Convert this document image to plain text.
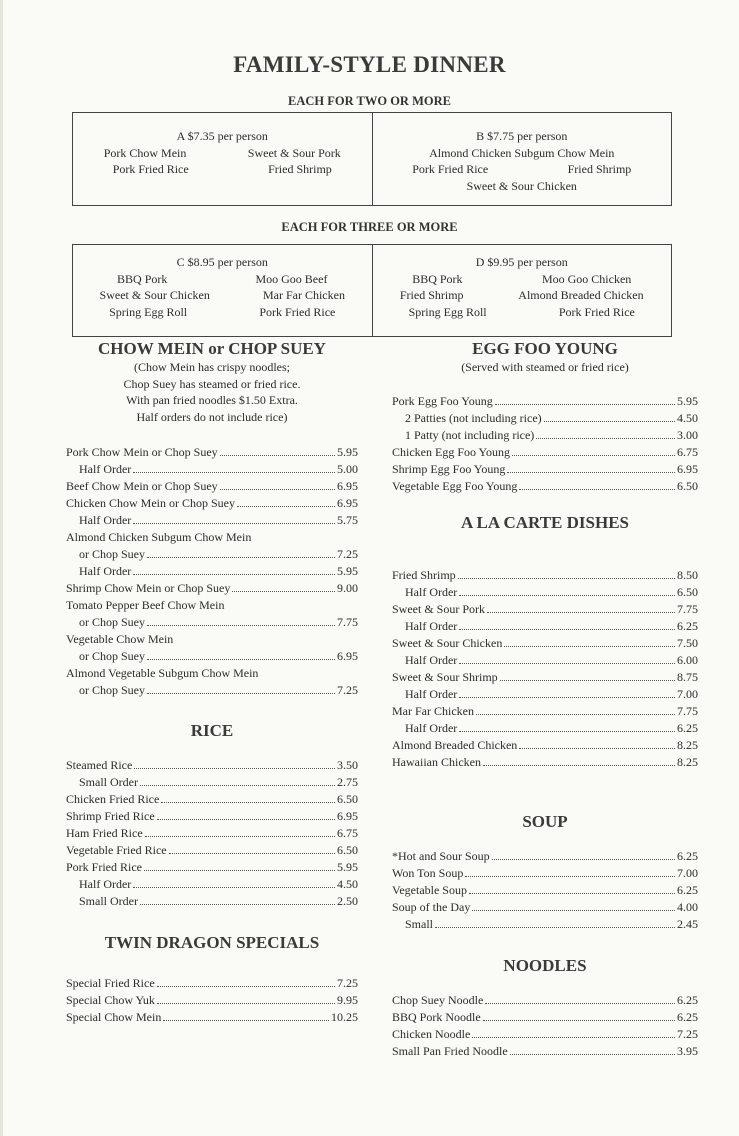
FAMILY-STYLE DINNER
EACH FOR TWO OR MORE
A $7.35 per person
Pork Chow Mein	Sweet & Sour Pork
Pork Fried Rice	Fried Shrimp
B $7.75 per person
Almond Chicken Subgum Chow Mein
Pork Fried Rice	Fried Shrimp
Sweet & Sour Chicken
EACH FOR THREE OR MORE
C $8.95 per person
BBQ Pork	Moo Goo Beef
Sweet & Sour Chicken	Mar Far Chicken
Spring Egg Roll	Pork Fried Rice
D $9.95 per person
BBQ Pork	Moo Goo Chicken
Fried Shrimp	Almond Breaded Chicken
Spring Egg Roll	Pork Fried Rice
CHOW MEIN or CHOP SUEY
(Chow Mein has crispy noodles;
Chop Suey has steamed or fried rice.
With pan fried noodles $1.50 Extra.
Half orders do not include rice)
Pork Chow Mein or Chop Suey	5.95
Half Order	5.00
Beef Chow Mein or Chop Suey	6.95
Chicken Chow Mein or Chop Suey	6.95
Half Order	5.75
Almond Chicken Subgum Chow Mein
or Chop Suey	7.25
Half Order	5.95
Shrimp Chow Mein or Chop Suey	9.00
Tomato Pepper Beef Chow Mein
or Chop Suey	7.75
Vegetable Chow Mein
or Chop Suey	6.95
Almond Vegetable Subgum Chow Mein
or Chop Suey	7.25
RICE
Steamed Rice	3.50
Small Order	2.75
Chicken Fried Rice	6.50
Shrimp Fried Rice	6.95
Ham Fried Rice	6.75
Vegetable Fried Rice	6.50
Pork Fried Rice	5.95
Half Order	4.50
Small Order	2.50
TWIN DRAGON SPECIALS
Special Fried Rice	7.25
Special Chow Yuk	9.95
Special Chow Mein	10.25
EGG FOO YOUNG
(Served with steamed or fried rice)
Pork Egg Foo Young	5.95
2 Patties (not including rice)	4.50
1 Patty (not including rice)	3.00
Chicken Egg Foo Young	6.75
Shrimp Egg Foo Young	6.95
Vegetable Egg Foo Young	6.50
A LA CARTE DISHES
Fried Shrimp	8.50
Half Order	6.50
Sweet & Sour Pork	7.75
Half Order	6.25
Sweet & Sour Chicken	7.50
Half Order	6.00
Sweet & Sour Shrimp	8.75
Half Order	7.00
Mar Far Chicken	7.75
Half Order	6.25
Almond Breaded Chicken	8.25
Hawaiian Chicken	8.25
SOUP
*Hot and Sour Soup	6.25
Won Ton Soup	7.00
Vegetable Soup	6.25
Soup of the Day	4.00
Small	2.45
NOODLES
Chop Suey Noodle	6.25
BBQ Pork Noodle	6.25
Chicken Noodle	7.25
Small Pan Fried Noodle	3.95
